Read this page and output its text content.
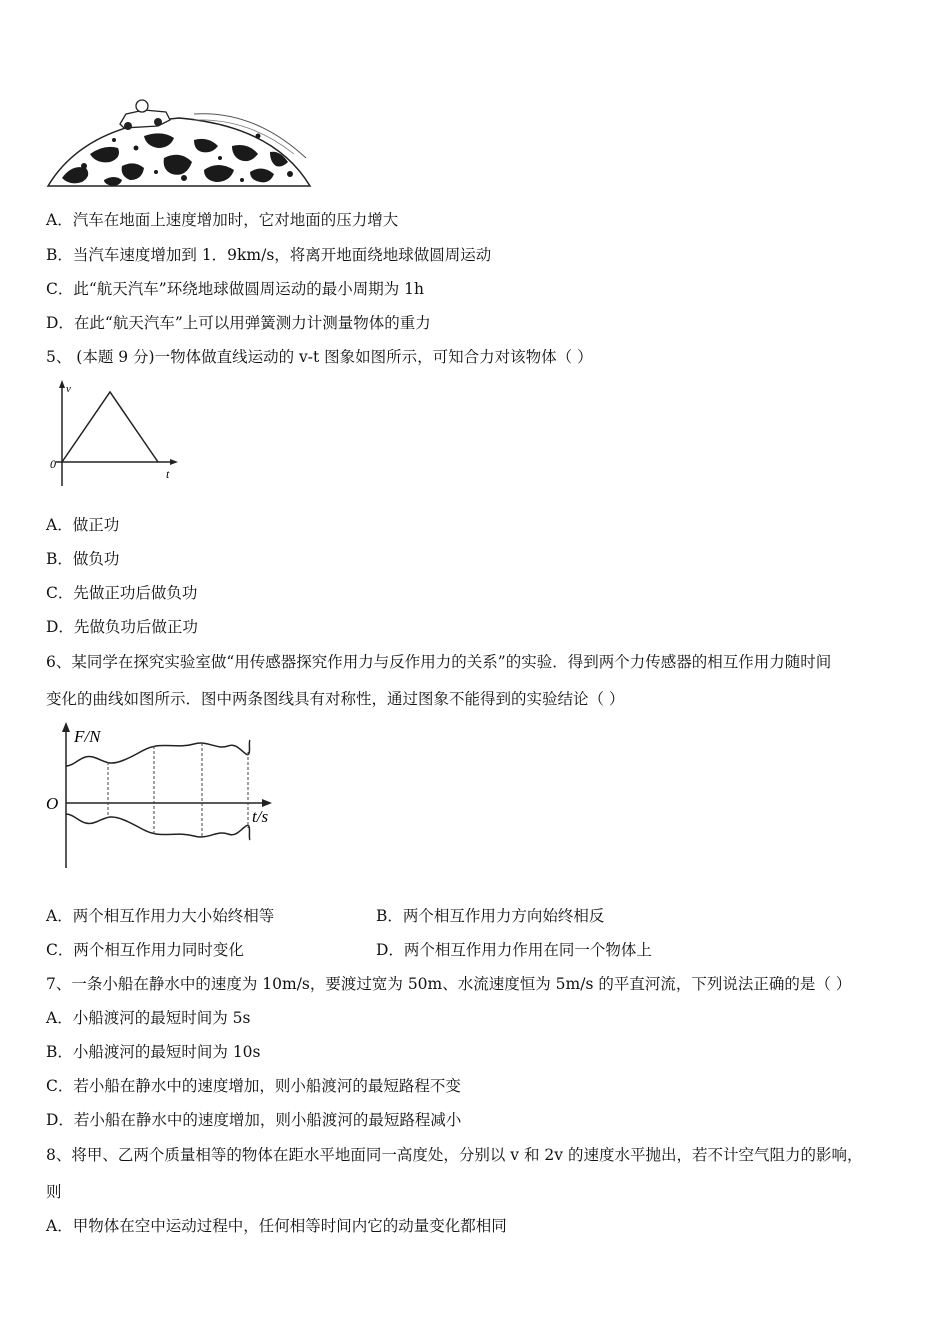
A．汽车在地面上速度增加时，它对地面的压力增大
B．当汽车速度增加到 1．9km/s，将离开地面绕地球做圆周运动
C．此“航天汽车”环绕地球做圆周运动的最小周期为 1h
D．在此“航天汽车”上可以用弹簧测力计测量物体的重力
5、 (本题 9 分)一物体做直线运动的 v-t 图象如图所示，可知合力对该物体（ ）
v
0
t
A．做正功
B．做负功
C．先做正功后做负功
D．先做负功后做正功
6、某同学在探究实验室做“用传感器探究作用力与反作用力的关系”的实验．得到两个力传感器的相互作用力随时间
变化的曲线如图所示．图中两条图线具有对称性，通过图象不能得到的实验结论（ ）
F/N
O
t/s
A．两个相互作用力大小始终相等	B．两个相互作用力方向始终相反
C．两个相互作用力同时变化	D．两个相互作用力作用在同一个物体上
7、一条小船在静水中的速度为 10m/s，要渡过宽为 50m、水流速度恒为 5m/s 的平直河流，下列说法正确的是（ ）
A．小船渡河的最短时间为 5s
B．小船渡河的最短时间为 10s
C．若小船在静水中的速度增加，则小船渡河的最短路程不变
D．若小船在静水中的速度增加，则小船渡河的最短路程减小
8、将甲、乙两个质量相等的物体在距水平地面同一高度处，分别以 v 和 2v 的速度水平抛出，若不计空气阻力的影响，
则
A．甲物体在空中运动过程中，任何相等时间内它的动量变化都相同
